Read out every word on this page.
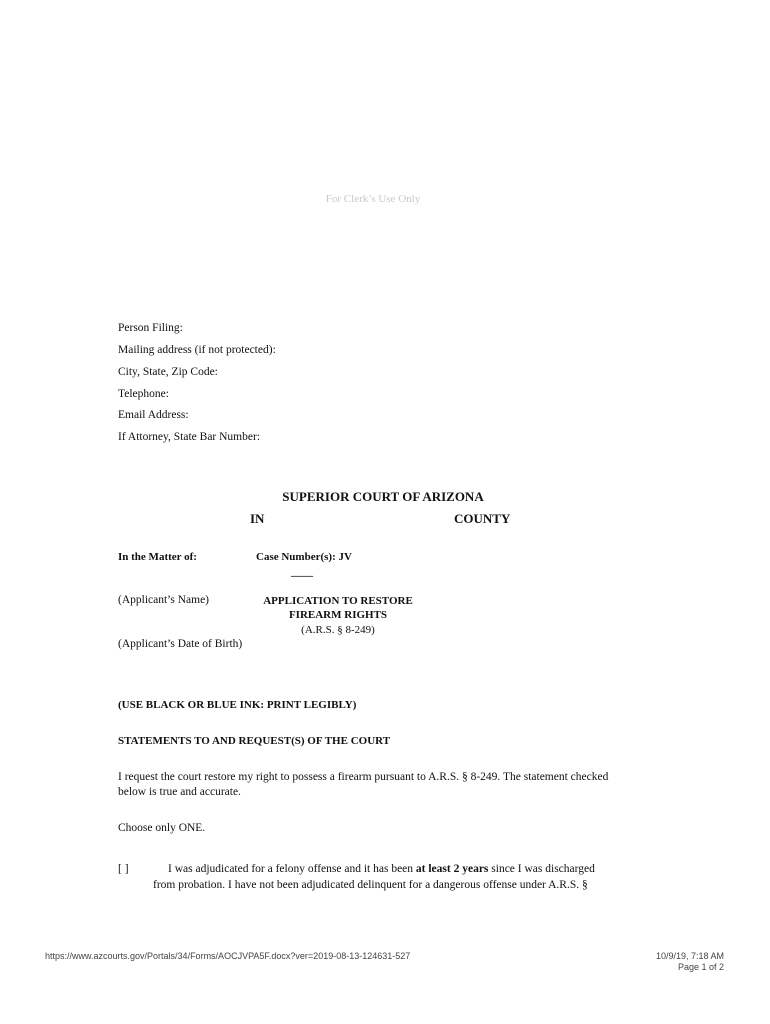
For Clerk’s Use Only
Person Filing:
Mailing address (if not protected):
City, State, Zip Code:
Telephone:
Email Address:
If Attorney, State Bar Number:
SUPERIOR COURT OF ARIZONA
IN	COUNTY
In the Matter of:	Case Number(s): JV
____
(Applicant’s Name)
(Applicant’s Date of Birth)
APPLICATION TO RESTORE
FIREARM RIGHTS
(A.R.S. § 8-249)
(USE BLACK OR BLUE INK: PRINT LEGIBLY)
STATEMENTS TO AND REQUEST(S) OF THE COURT
I request the court restore my right to possess a firearm pursuant to A.R.S. § 8-249. The statement checked below is true and accurate.
Choose only ONE.
[ ]	I was adjudicated for a felony offense and it has been at least 2 years since I was discharged
from probation. I have not been adjudicated delinquent for a dangerous offense under A.R.S. §
https://www.azcourts.gov/Portals/34/Forms/AOCJVPA5F.docx?ver=2019-08-13-124631-527	10/9/19, 7:18 AM
Page 1 of 2
